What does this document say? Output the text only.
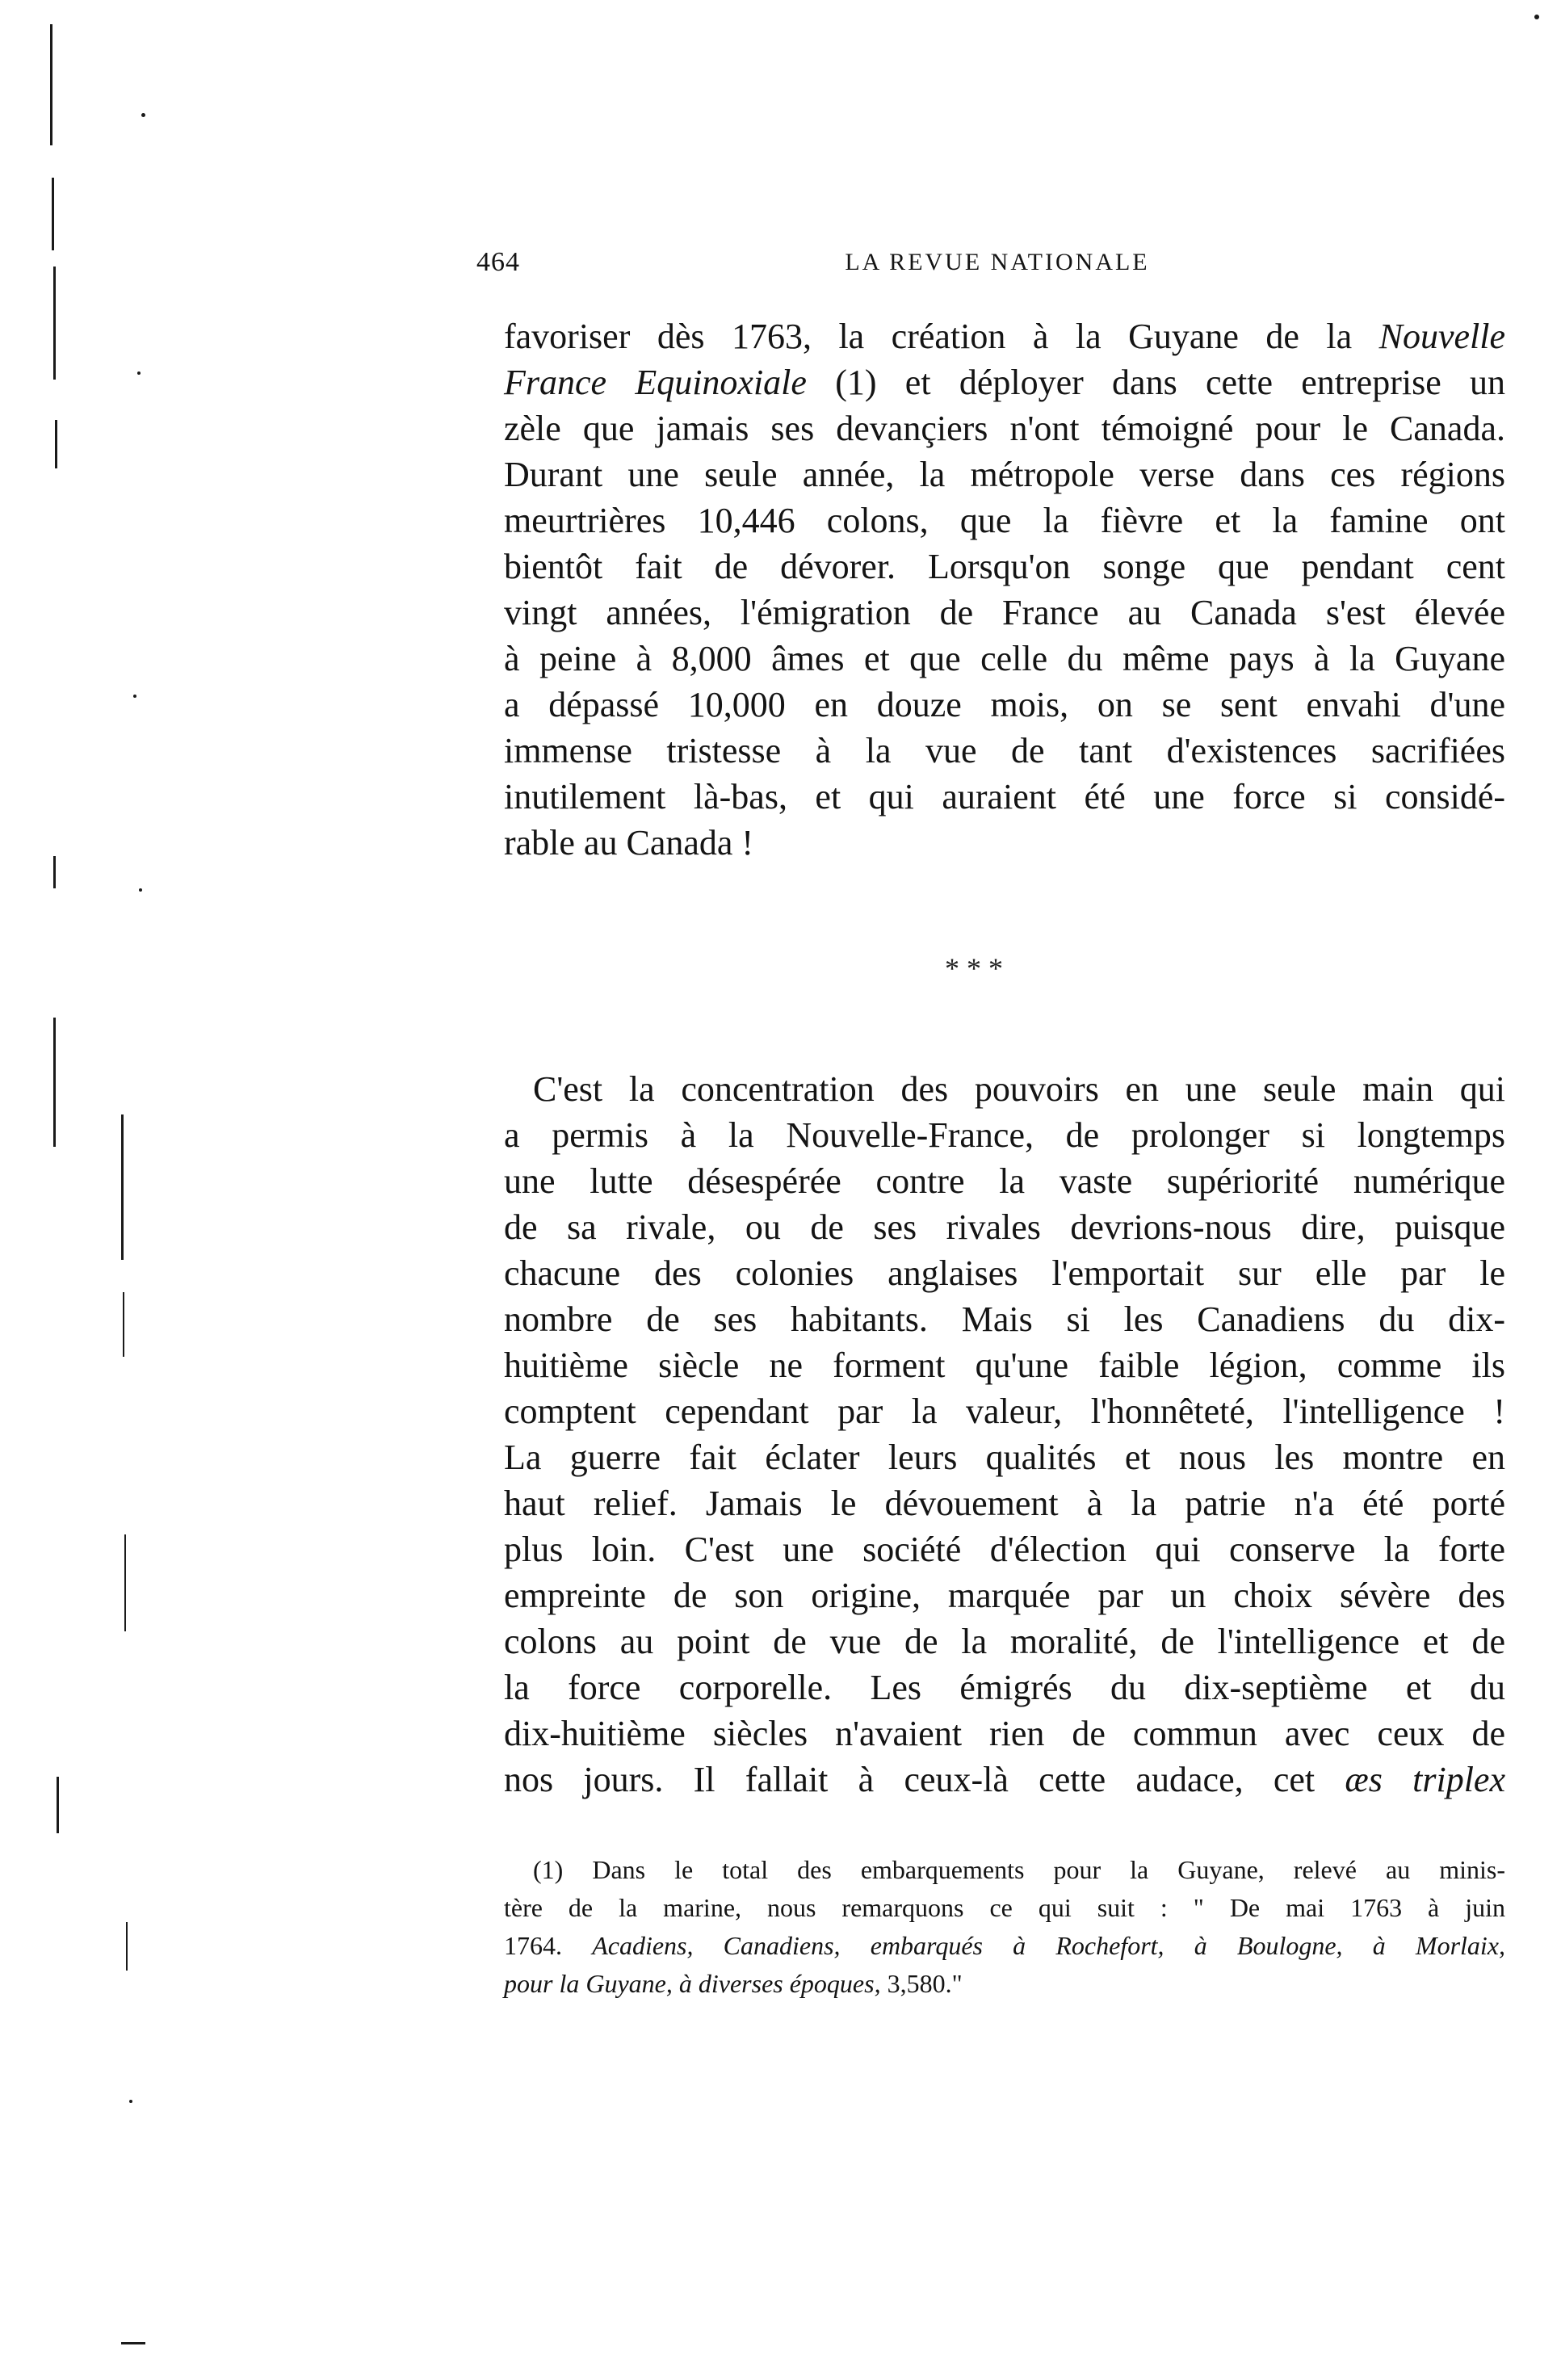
464	LA REVUE NATIONALE
favoriser dès 1763, la création à la Guyane de la Nouvelle
France Equinoxiale (1) et déployer dans cette entreprise un
zèle que jamais ses devançiers n'ont témoigné pour le Canada.
Durant une seule année, la métropole verse dans ces régions
meurtrières 10,446 colons, que la fièvre et la famine ont
bientôt fait de dévorer. Lorsqu'on songe que pendant cent
vingt années, l'émigration de France au Canada s'est élevée
à peine à 8,000 âmes et que celle du même pays à la Guyane
a dépassé 10,000 en douze mois, on se sent envahi d'une
immense tristesse à la vue de tant d'existences sacrifiées
inutilement là-bas, et qui auraient été une force si considé-
rable au Canada !
* * *
C'est la concentration des pouvoirs en une seule main qui
a permis à la Nouvelle-France, de prolonger si longtemps
une lutte désespérée contre la vaste supériorité numérique
de sa rivale, ou de ses rivales devrions-nous dire, puisque
chacune des colonies anglaises l'emportait sur elle par le
nombre de ses habitants. Mais si les Canadiens du dix-
huitième siècle ne forment qu'une faible légion, comme ils
comptent cependant par la valeur, l'honnêteté, l'intelligence !
La guerre fait éclater leurs qualités et nous les montre en
haut relief. Jamais le dévouement à la patrie n'a été porté
plus loin. C'est une société d'élection qui conserve la forte
empreinte de son origine, marquée par un choix sévère des
colons au point de vue de la moralité, de l'intelligence et de
la force corporelle. Les émigrés du dix-septième et du
dix-huitième siècles n'avaient rien de commun avec ceux de
nos jours. Il fallait à ceux-là cette audace, cet æs triplex
(1) Dans le total des embarquements pour la Guyane, relevé au minis-
tère de la marine, nous remarquons ce qui suit : " De mai 1763 à juin
1764. Acadiens, Canadiens, embarqués à Rochefort, à Boulogne, à Morlaix,
pour la Guyane, à diverses époques, 3,580."
